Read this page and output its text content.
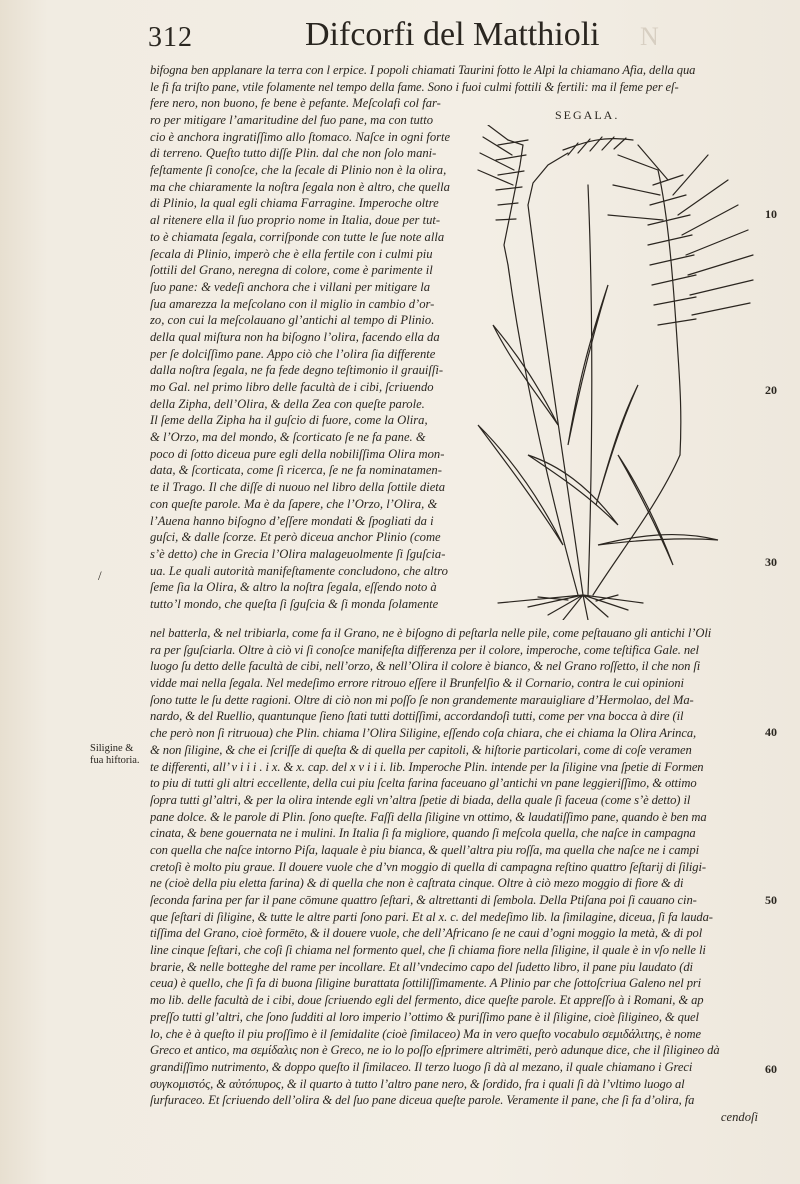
312	Difcorfi del Matthioli N
bifogna ben applanare la terra con l erpice. I popoli chiamati Taurini fotto le Alpi la chiamano Afia, della qua
le fi fa triſto pane, vtile folamente nel tempo della fame. Sono i fuoi culmi fottili & fertili: ma il feme per eſ-
fere nero, non buono, fe bene è pefante. Meſcolafi col far-
ro per mitigare l’amaritudine del fuo pane, ma con tutto
cio è anchora ingratiſſimo allo ſtomaco. Naſce in ogni forte
di terreno. Queſto tutto diſſe Plin. dal che non ſolo mani-
feſtamente ſi conoſce, che la ſecale di Plinio non è la olira,
ma che chiaramente la noſtra ſegala non è altro, che quella
di Plinio, la qual egli chiama Farragine. Imperoche oltre
al ritenere ella il ſuo proprio nome in Italia, doue per tut-
to è chiamata ſegala, corriſponde con tutte le ſue note alla
ſecala di Plinio, imperò che è ella fertile con i culmi piu
ſottili del Grano, neregna di colore, come è parimente il
ſuo pane: & vedeſi anchora che i villani per mitigare la
ſua amarezza la meſcolano con il miglio in cambio d’or-
zo, con cui la meſcolauano gl’antichi al tempo di Plinio.
della qual miſtura non ha biſogno l’olira, facendo ella da
per ſe dolciſſimo pane. Appo ciò che l’olira ſia differente
dalla noſtra ſegala, ne fa fede degno teſtimonio il grauiſſi-
mo Gal. nel primo libro delle facultà de i cibi, ſcriuendo
della Zipha, dell’Olira, & della Zea con queſte parole.
Il ſeme della Zipha ha il guſcio di fuore, come la Olira,
& l’Orzo, ma del mondo, & ſcorticato ſe ne fa pane. &
poco di ſotto diceua pure egli della nobiliſſima Olira mon-
data, & ſcorticata, come ſi ricerca, ſe ne fa nominatamen-
te il Trago. Il che diſſe di nuouo nel libro della ſottile dieta
con queſte parole. Ma è da ſapere, che l’Orzo, l’Olira, &
l’Auena hanno biſogno d’eſſere mondati & ſpogliati da i
guſci, & dalle ſcorze. Et però diceua anchor Plinio (come
s’è detto) che in Grecia l’Olira malageuolmente ſi ſguſcia-
ua. Le quali autorità manifeſtamente concludono, che altro
ſeme ſia la Olira, & altro la noſtra ſegala, eſſendo noto à
tutto’l mondo, che queſta ſi ſguſcia & ſi monda ſolamente
SEGALA.
10
20
30
40
50
60
/
Siligine &
fua hiftoria.
nel batterla, & nel tribiarla, come fa il Grano, ne è biſogno di peſtarla nelle pile, come peſtauano gli antichi l’Oli
ra per ſguſciarla. Oltre à ciò vi ſi conoſce manifeſta differenza per il colore, imperoche, come teſtifica Gale. nel
luogo ſu detto delle facultà de cibi, nell’orzo, & nell’Olira il colore è bianco, & nel Grano roſſetto, il che non ſi
vidde mai nella ſegala. Nel medeſimo errore ritrouo eſſere il Brunfelſio & il Cornario, contra le cui opinioni
ſono tutte le ſu dette ragioni. Oltre di ciò non mi poſſo ſe non grandemente marauigliare d’Hermolao, del Ma-
nardo, & del Ruellio, quantunque ſieno ſtati tutti dottiſſimi, accordandoſi tutti, come per vna bocca à dire (il
che però non ſi ritruoua) che Plin. chiama l’Olira Siligine, eſſendo coſa chiara, che ei chiama la Olira Arinca,
& non ſiligine, & che ei ſcriſſe di queſta & di quella per capitoli, & hiſtorie particolari, come di coſe veramen
te differenti, all’ v i i i . i x. & x. cap. del x v i i i. lib. Imperoche Plin. intende per la ſiligine vna ſpetie di Formen
to piu di tutti gli altri eccellente, della cui piu ſcelta farina faceuano gl’antichi vn pane leggieriſſimo, & ottimo
ſopra tutti gl’altri, & per la olira intende egli vn’altra ſpetie di biada, della quale ſi faceua (come s’è detto) il
pane dolce. & le parole di Plin. ſono queſte. Faſſi della ſiligine vn ottimo, & laudatiſſimo pane, quando è ben ma
cinata, & bene gouernata ne i mulini. In Italia ſi fa migliore, quando ſi meſcola quella, che naſce in campagna
con quella che naſce intorno Piſa, laquale è piu bianca, & quell’altra piu roſſa, ma quella che naſce ne i campi
cretoſi è molto piu graue. Il douere vuole che d’vn moggio di quella di campagna reſtino quattro ſeſtarij di ſiligi-
ne (cioè della piu eletta farina) & di quella che non è caſtrata cinque. Oltre à ciò mezo moggio di fiore & di
ſeconda farina per far il pane cōmune quattro ſeſtari, & altrettanti di ſembola. Della Ptiſana poi ſi cauano cin-
que ſeſtari di ſiligine, & tutte le altre parti ſono pari. Et al x. c. del medeſimo lib. la ſimilagine, diceua, ſi fa lauda-
tiſſima del Grano, cioè formēto, & il douere vuole, che dell’Africano ſe ne caui d’ogni moggio la metà, & di pol
line cinque ſeſtari, che coſi ſi chiama nel formento quel, che ſi chiama fiore nella ſiligine, il quale è in vſo nelle li
brarie, & nelle botteghe del rame per incollare. Et all’vndecimo capo del ſudetto libro, il pane piu laudato (di
ceua) è quello, che ſi fa di buona ſiligine burattata ſottiliſſimamente. A Plinio par che ſottoſcriua Galeno nel pri
mo lib. delle facultà de i cibi, doue ſcriuendo egli del fermento, dice queſte parole. Et appreſſo à i Romani, & ap
preſſo tutti gl’altri, che ſono ſudditi al loro imperio l’ottimo & puriſſimo pane è il ſiligine, cioè ſiligineo, & quel
lo, che è à queſto il piu proſſimo è il ſemidalite (cioè ſimilaceo) Ma in vero queſto vocabulo σεμιδάλιτης, è nome
Greco et antico, ma σεμίδαλις non è Greco, ne io lo poſſo eſprimere altrimēti, però adunque dice, che il ſiligineo dà
grandiſſimo nutrimento, & doppo queſto il ſimilaceo. Il terzo luogo ſi dà al mezano, il quale chiamano i Greci
συγκομιστός, & αὐτόπυρος, & il quarto à tutto l’altro pane nero, & ſordido, fra i quali ſi dà l’vltimo luogo al
ſurfuraceo. Et ſcriuendo dell’olira & del ſuo pane diceua queſte parole. Veramente il pane, che ſi fa d’olira, fa
cendoſi
